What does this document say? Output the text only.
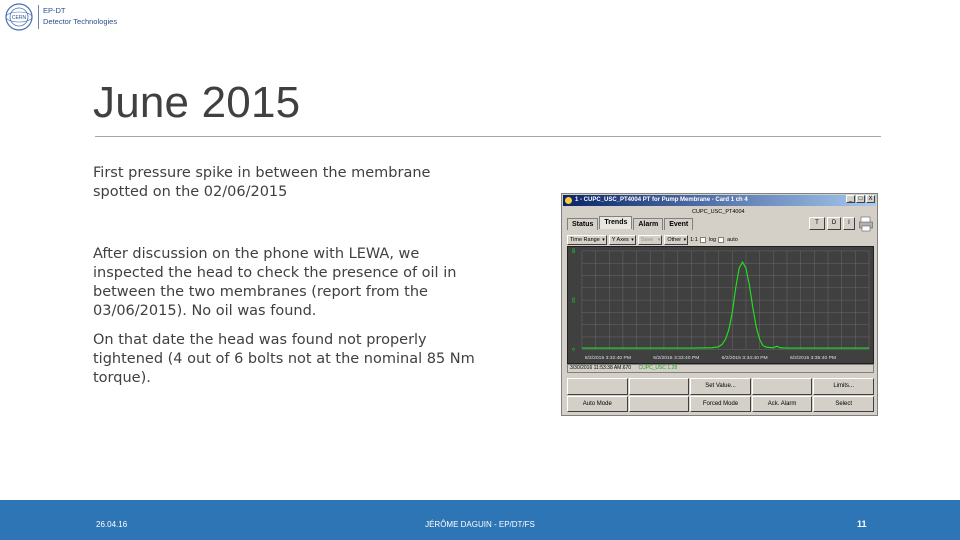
CERN
EP-DT
Detector Technologies
June 2015

First pressure spike in between the membrane spotted on the 02/06/2015

After discussion on the phone with LEWA, we inspected the head to check the presence of oil in between the two membranes (report from the 03/06/2015). No oil was found.

On that date the head was found not properly tightened (4 out of 6 bolts not at the nominal 85 Nm torque).

1 - CUPC_USC_PT4004 PT for Pump Membrane - Card 1 ch 4	_	□	X
CUPC_USC_PT4004
Status	Trends	Alarm	Event	T	D	I
Time Range ▾	Y Axes ▾	Save ▾	Other ▾	1:1 log auto
0
20
40
6/2/2015 3:32:40 PM	6/2/2015 3:33:40 PM	6/2/2015 3:34:40 PM	6/2/2015 3:35:40 PM
3/30/2016 11:53:38 AM.670 CUPC_USC 1.28
Set Value...	Limits...
Auto Mode	Forced Mode	Ack. Alarm	Select
26.04.16	JÉRÔME DAGUIN - EP/DT/FS	11
